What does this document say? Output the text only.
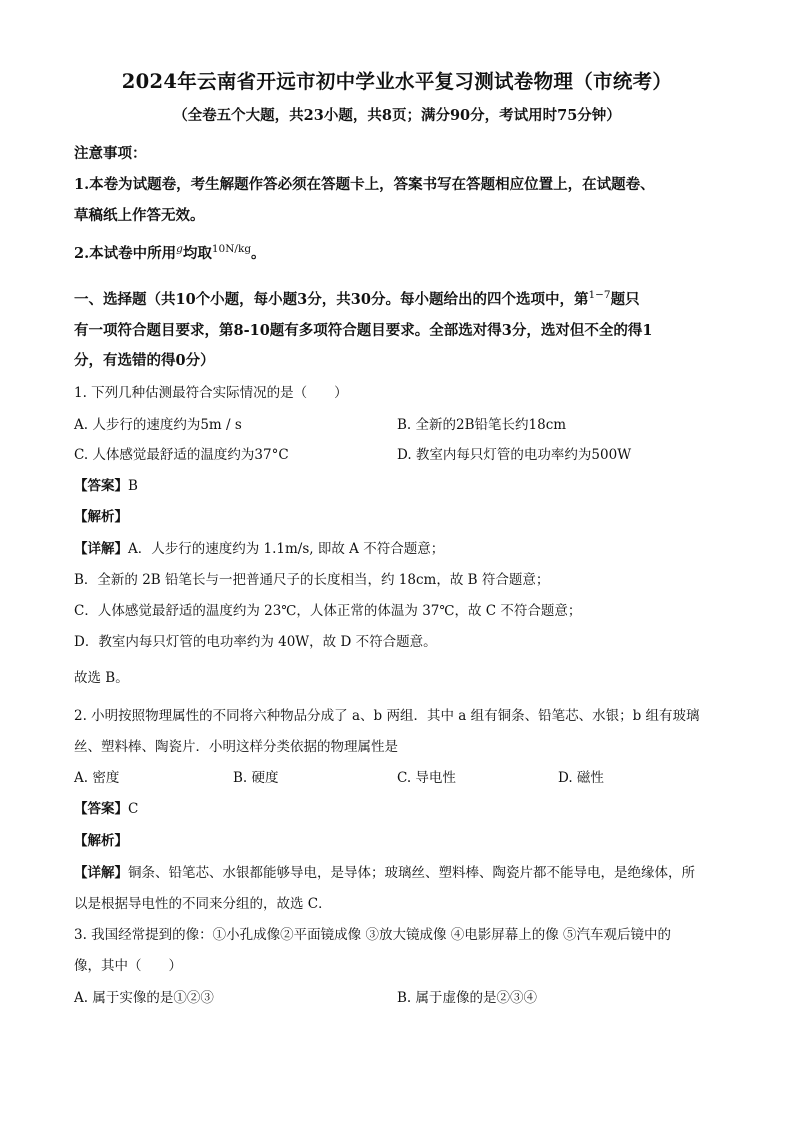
2024年云南省开远市初中学业水平复习测试卷物理（市统考）
（全卷五个大题，共23小题，共8页；满分90分，考试用时75分钟）
注意事项：
1.本卷为试题卷，考生解题作答必须在答题卡上，答案书写在答题相应位置上，在试题卷、
草稿纸上作答无效。
2.本试卷中所用$^g$均取$^{10N/kg}$。
一、选择题（共10个小题，每小题3分，共30分。每小题给出的四个选项中，第$^{1-7}$题只
有一项符合题目要求，第8-10题有多项符合题目要求。全部选对得3分，选对但不全的得1
分，有选错的得0分）
1. 下列几种估测最符合实际情况的是（　　）
A. 人步行的速度约为5m / s	B. 全新的2B铅笔长约18cm
C. 人体感觉最舒适的温度约为37°C	D. 教室内每只灯管的电功率约为500W
【答案】B
【解析】
【详解】A．人步行的速度约为 1.1m/s, 即故 A 不符合题意；
B．全新的 2B 铅笔长与一把普通尺子的长度相当，约 18cm，故 B 符合题意；
C．人体感觉最舒适的温度约为 23℃，人体正常的体温为 37℃，故 C 不符合题意；
D．教室内每只灯管的电功率约为 40W，故 D 不符合题意。
故选 B。
2. 小明按照物理属性的不同将六种物品分成了 a、b 两组．其中 a 组有铜条、铅笔芯、水银；b 组有玻璃
丝、塑料棒、陶瓷片．小明这样分类依据的物理属性是
A. 密度	B. 硬度	C. 导电性	D. 磁性
【答案】C
【解析】
【详解】铜条、铅笔芯、水银都能够导电，是导体；玻璃丝、塑料棒、陶瓷片都不能导电，是绝缘体，所
以是根据导电性的不同来分组的，故选 C．
3. 我国经常提到的像：①小孔成像②平面镜成像 ③放大镜成像 ④电影屏幕上的像 ⑤汽车观后镜中的
像，其中（　　）
A. 属于实像的是①②③	B. 属于虚像的是②③④
